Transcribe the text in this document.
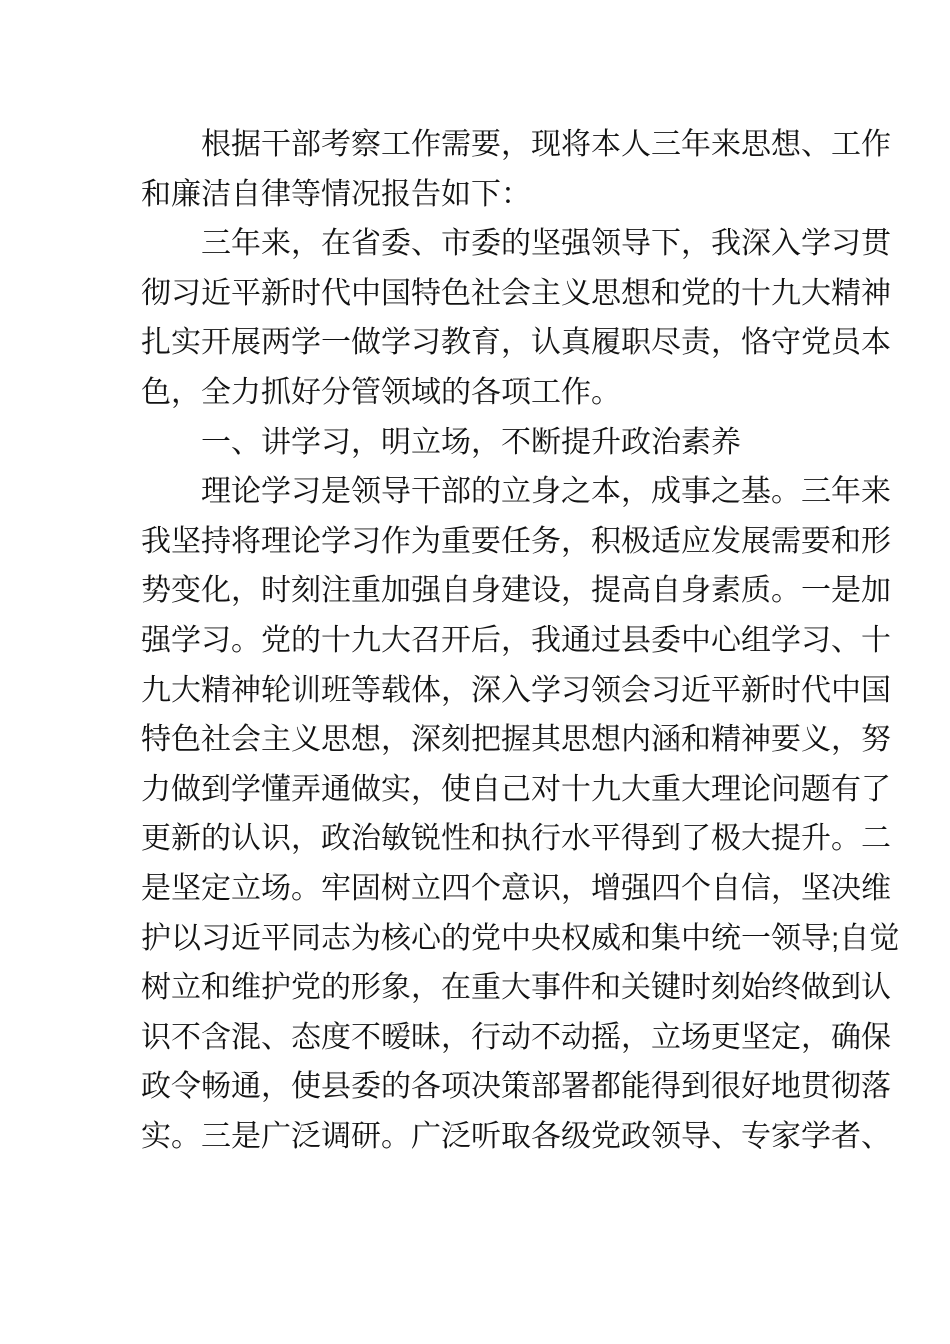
根 据 干 部 考 察 工 作 需 要 ， 现 将 本 人 三 年 来 思 想 、 工 作
和廉洁自律等情况报告如下：
三 年 来 ， 在 省 委 、 市 委 的 坚 强 领 导 下 ， 我 深 入 学 习 贯
彻 习 近 平 新 时 代 中 国 特 色 社 会 主 义 思 想 和 党 的 十 九 大 精 神
扎 实 开 展 两 学 一 做 学 习 教 育 ， 认 真 履 职 尽 责 ， 恪 守 党 员 本
色，全力抓好分管领域的各项工作。
一、讲学习，明立场，不断提升政治素养
理 论 学 习 是 领 导 干 部 的 立 身 之 本 ， 成 事 之 基 。 三 年 来
我 坚 持 将 理 论 学 习 作 为 重 要 任 务 ， 积 极 适 应 发 展 需 要 和 形
势 变 化 ， 时 刻 注 重 加 强 自 身 建 设 ， 提 高 自 身 素 质 。 一 是 加
强 学 习 。 党 的 十 九 大 召 开 后 ， 我 通 过 县 委 中 心 组 学 习 、 十
九 大 精 神 轮 训 班 等 载 体 ， 深 入 学 习 领 会 习 近 平 新 时 代 中 国
特 色 社 会 主 义 思 想 ， 深 刻 把 握 其 思 想 内 涵 和 精 神 要 义 ， 努
力 做 到 学 懂 弄 通 做 实 ， 使 自 己 对 十 九 大 重 大 理 论 问 题 有 了
更 新 的 认 识 ， 政 治 敏 锐 性 和 执 行 水 平 得 到 了 极 大 提 升 。 二
是 坚 定 立 场 。 牢 固 树 立 四 个 意 识 ， 增 强 四 个 自 信 ， 坚 决 维
护 以 习 近 平 同 志 为 核 心 的 党 中 央 权 威 和 集 中 统 一 领 导 ; 自 觉
树 立 和 维 护 党 的 形 象 ， 在 重 大 事 件 和 关 键 时 刻 始 终 做 到 认
识 不 含 混 、 态 度 不 暧 昧 ， 行 动 不 动 摇 ， 立 场 更 坚 定 ， 确 保
政 令 畅 通 ， 使 县 委 的 各 项 决 策 部 署 都 能 得 到 很 好 地 贯 彻 落
实 。 三 是 广 泛 调 研 。 广 泛 听 取 各 级 党 政 领 导 、 专 家 学 者 、
